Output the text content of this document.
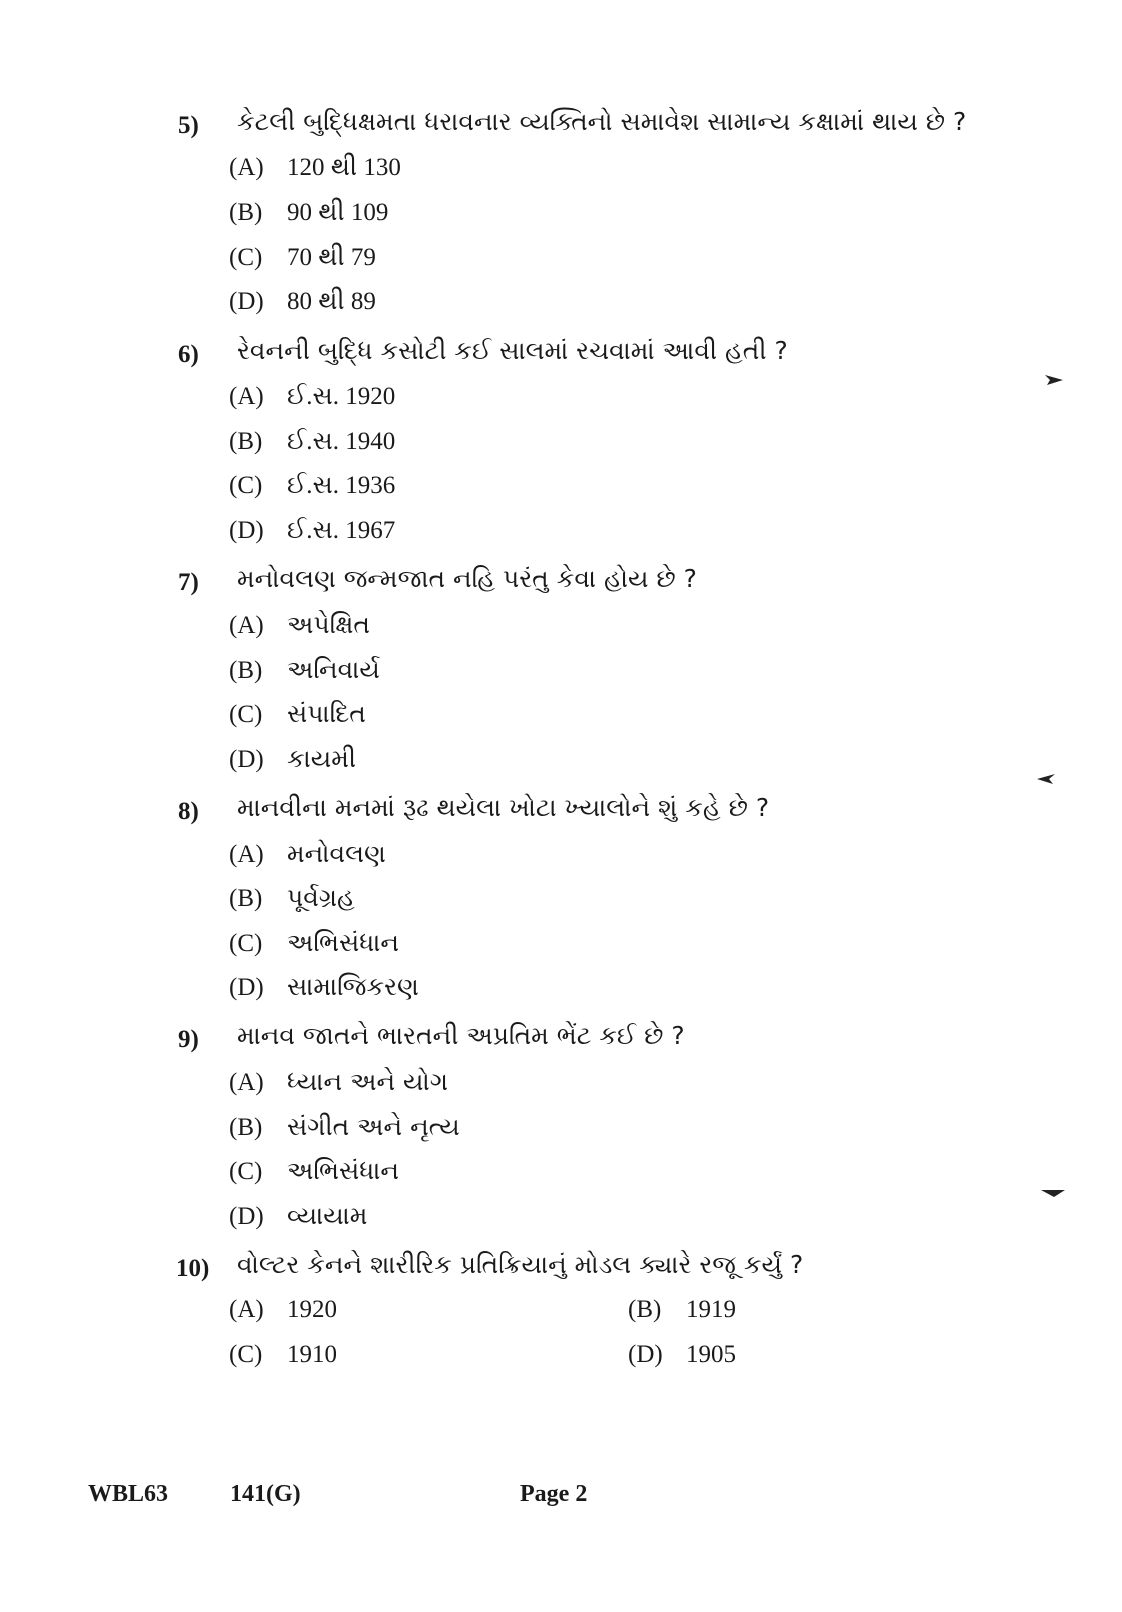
5) કેટલી બુદ્ધિક્ષમતા ધરાવનાર વ્યક્તિનો સમાવેશ સામાન્ય કક્ષામાં થાય છે ?
(A) 120 થી 130
(B) 90 થી 109
(C) 70 થી 79
(D) 80 થી 89
6) રેવનની બુદ્ધિ કસોટી કઈ સાલમાં રચવામાં આવી હતી ?
(A) ઈ.સ. 1920
(B) ઈ.સ. 1940
(C) ઈ.સ. 1936
(D) ઈ.સ. 1967
7) મનોવલણ જન્મજાત નહિ પરંતુ કેવા હોય છે ?
(A) અપેક્ષિત
(B) અનિવાર્ય
(C) સંપાદિત
(D) કાયમી
8) માનવીના મનમાં રૂઢ થયેલા ખોટા ખ્યાલોને શું કહે છે ?
(A) મનોવલણ
(B) પૂર્વગ્રહ
(C) અભિસંધાન
(D) સામાજિકરણ
9) માનવ જાતને ભારતની અપ્રતિમ ભેંટ કઈ છે ?
(A) ધ્યાન અને યોગ
(B) સંગીત અને નૃત્ય
(C) અભિસંધાન
(D) વ્યાયામ
10) વોલ્ટર કેનને શારીરિક પ્રતિક્રિયાનું મોડલ ક્યારે રજૂ કર્યું ?
(A) 1920	(B) 1919
(C) 1910	(D) 1905
WBL63	141(G)	Page 2
